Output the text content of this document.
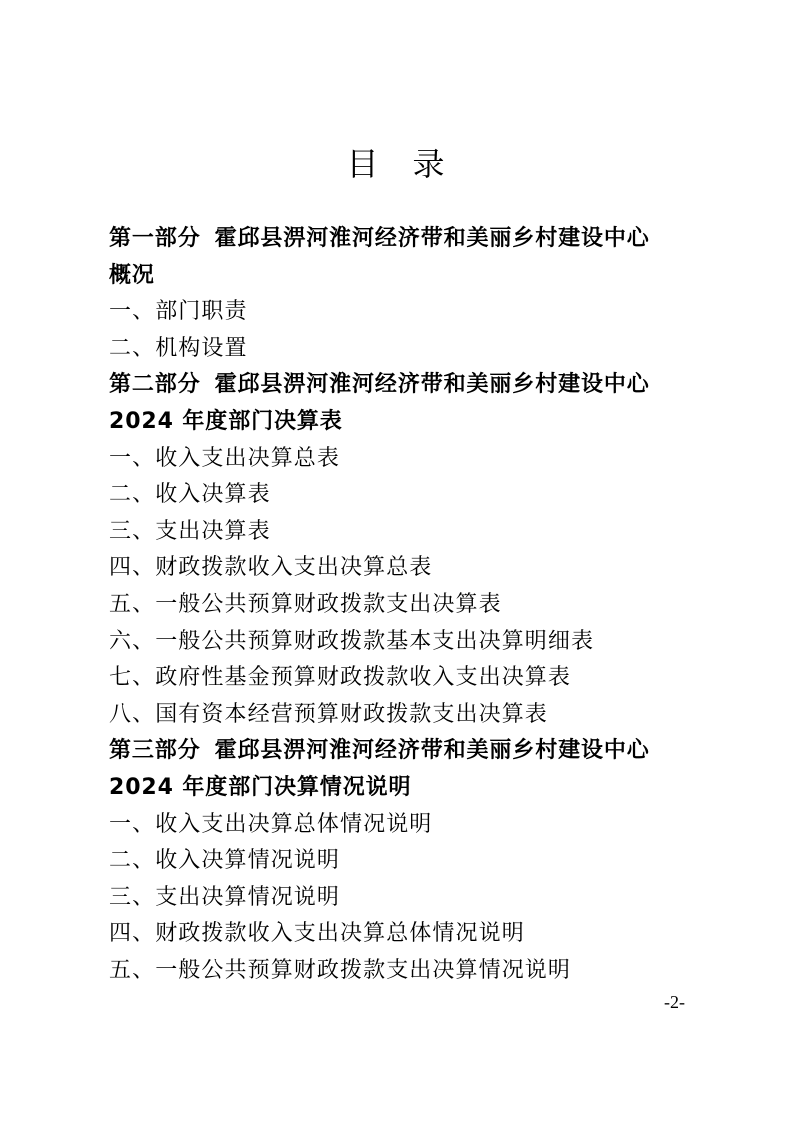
目 录
第一部分 霍邱县淠河淮河经济带和美丽乡村建设中心
概况
一、部门职责
二、机构设置
第二部分 霍邱县淠河淮河经济带和美丽乡村建设中心
2024 年度部门决算表
一、收入支出决算总表
二、收入决算表
三、支出决算表
四、财政拨款收入支出决算总表
五、一般公共预算财政拨款支出决算表
六、一般公共预算财政拨款基本支出决算明细表
七、政府性基金预算财政拨款收入支出决算表
八、国有资本经营预算财政拨款支出决算表
第三部分 霍邱县淠河淮河经济带和美丽乡村建设中心
2024 年度部门决算情况说明
一、收入支出决算总体情况说明
二、收入决算情况说明
三、支出决算情况说明
四、财政拨款收入支出决算总体情况说明
五、一般公共预算财政拨款支出决算情况说明
-2-
